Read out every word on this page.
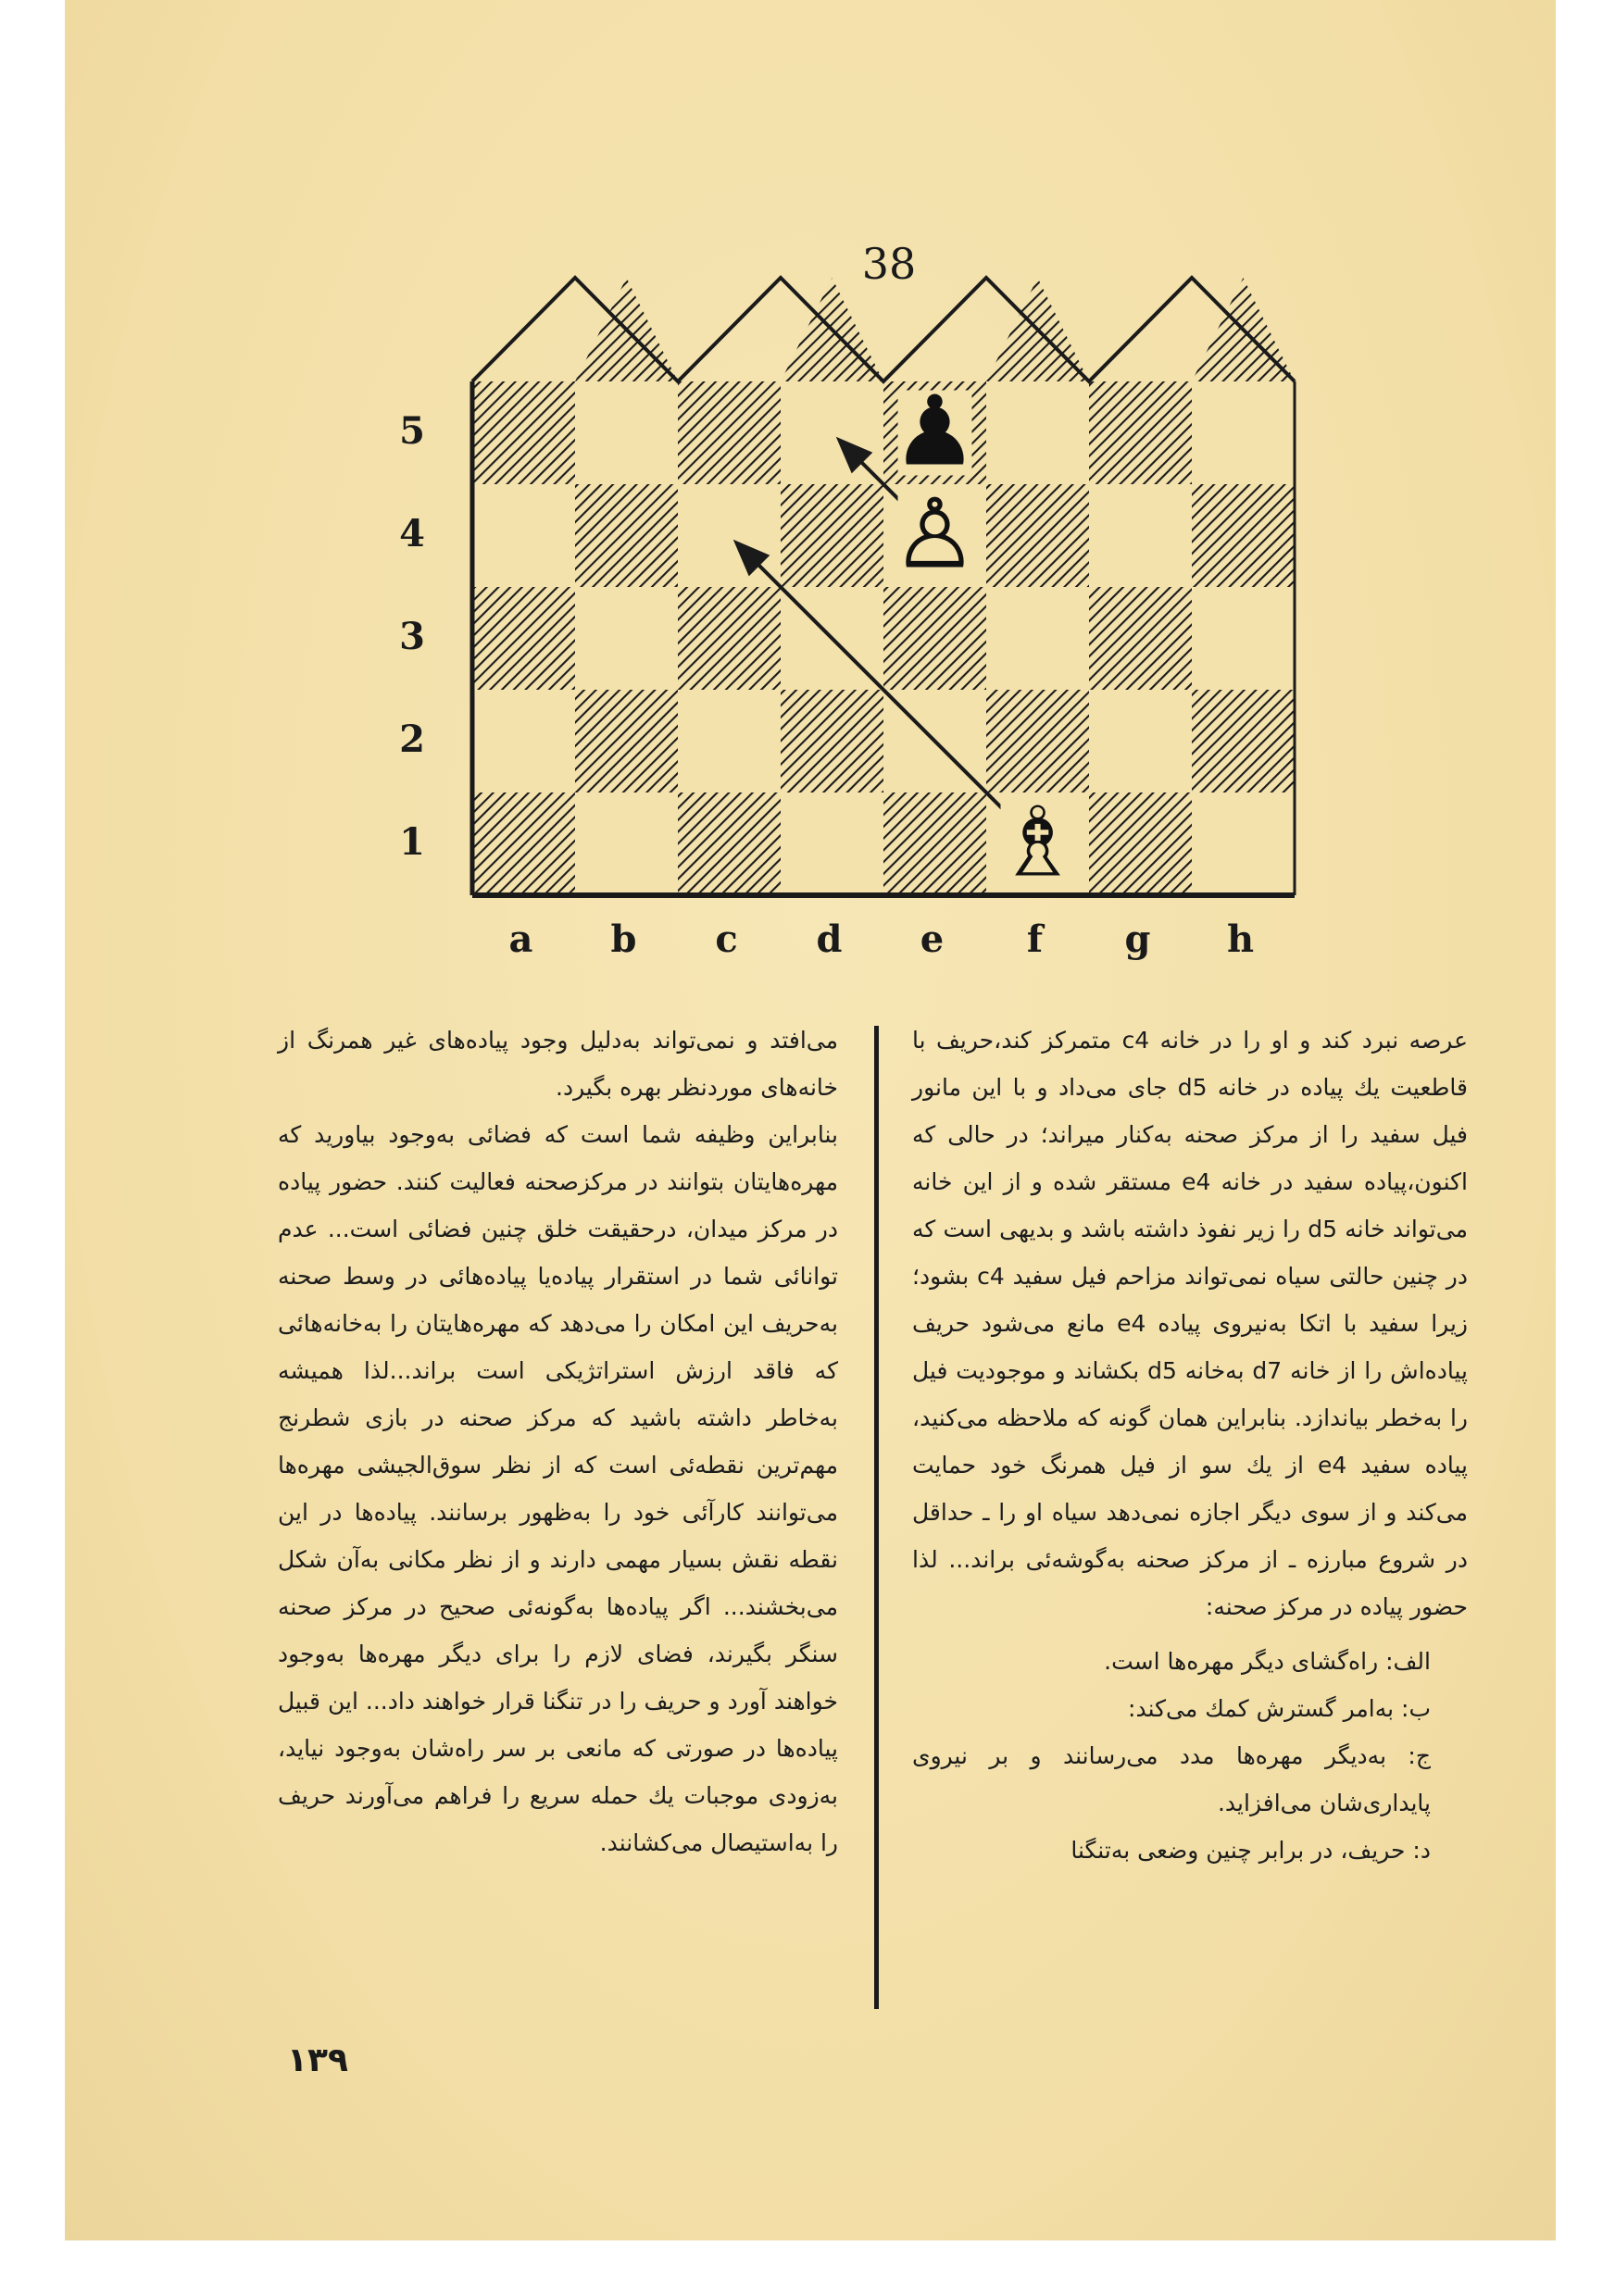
38
♟
♙
♗
1
2
3
4
5
a	b	c	d	e	f	g h

عرصه نبرد کند و او را در خانه c4 متمرکز کند،حریف با قاطعیت یك پیاده در خانه d5 جای می‌داد و با این مانور فیل سفید را از مرکز صحنه به‌کنار میراند؛ در حالی که اکنون،پیاده سفید در خانه e4 مستقر شده و از این خانه می‌تواند خانه d5 را زیر نفوذ داشته باشد و بدیهی است که در چنین حالتی سیاه نمی‌تواند مزاحم فیل سفید c4 بشود؛ زیرا سفید با اتکا به‌نیروی پیاده e4 مانع می‌شود حریف پیاده‌اش را از خانه d7 به‌خانه d5 بکشاند و موجودیت فیل را به‌خطر بیاندازد. بنابراین همان گونه که ملاحظه می‌کنید، پیاده سفید e4 از یك سو از فیل همرنگ خود حمایت می‌کند و از سوی دیگر اجازه نمی‌دهد سیاه او را ـ حداقل در شروع مبارزه ـ از مرکز صحنه به‌گوشه‌ئی براند... لذا حضور پیاده در مرکز صحنه:

الف: راه‌گشای دیگر مهره‌ها است.
ب: به‌امر گسترش کمك می‌کند:
ج: به‌دیگر مهره‌ها مدد می‌رسانند و بر نیروی پایداری‌شان می‌افزاید.
د: حریف، در برابر چنین وضعی به‌تنگنا

می‌افتد و نمی‌تواند به‌دلیل وجود پیاده‌های غیر همرنگ از خانه‌های موردنظر بهره بگیرد.

بنابراین وظیفه شما است که فضائی به‌وجود بیاورید که مهره‌هایتان بتوانند در مرکزصحنه فعالیت کنند. حضور پیاده در مرکز میدان، درحقیقت خلق چنین فضائی است... عدم توانائی شما در استقرار پیاده‌یا پیاده‌هائی در وسط صحنه به‌حریف این امکان را می‌دهد که مهره‌هایتان را به‌خانه‌هائی که فاقد ارزش استراتژیکی است براند...لذا همیشه به‌خاطر داشته باشید که مرکز صحنه در بازی شطرنج مهم‌ترین نقطه‌ئی است که از نظر سوق‌الجیشی مهره‌ها می‌توانند کارآئی خود را به‌ظهور برسانند. پیاده‌ها در این نقطه نقش بسیار مهمی دارند و از نظر مکانی به‌آن شکل می‌بخشند... اگر پیاده‌ها به‌گونه‌ئی صحیح در مرکز صحنه سنگر بگیرند، فضای لازم را برای دیگر مهره‌ها به‌وجود خواهند آورد و حریف را در تنگنا قرار خواهند داد... این قبیل پیاده‌ها در صورتی که مانعی بر سر راه‌شان به‌وجود نیاید، به‌زودی موجبات یك حمله سریع را فراهم می‌آورند حریف را به‌استیصال می‌کشانند.

۱۳۹
